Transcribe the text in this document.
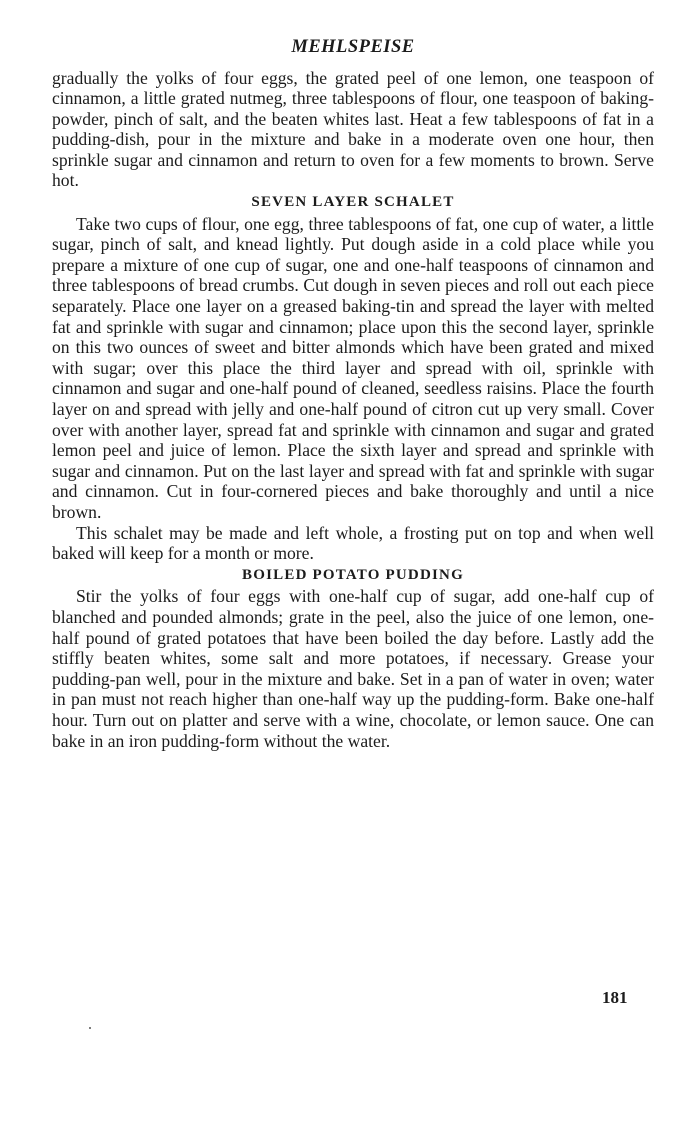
MEHLSPEISE

gradually the yolks of four eggs, the grated peel of one lemon, one teaspoon of cinnamon, a little grated nutmeg, three tablespoons of flour, one teaspoon of baking-powder, pinch of salt, and the beaten whites last. Heat a few tablespoons of fat in a pudding-dish, pour in the mixture and bake in a moderate oven one hour, then sprinkle sugar and cinnamon and return to oven for a few moments to brown. Serve hot.

SEVEN LAYER SCHALET

Take two cups of flour, one egg, three tablespoons of fat, one cup of water, a little sugar, pinch of salt, and knead lightly. Put dough aside in a cold place while you prepare a mixture of one cup of sugar, one and one-half teaspoons of cinnamon and three tablespoons of bread crumbs. Cut dough in seven pieces and roll out each piece separately. Place one layer on a greased baking-tin and spread the layer with melted fat and sprinkle with sugar and cinnamon; place upon this the second layer, sprinkle on this two ounces of sweet and bitter almonds which have been grated and mixed with sugar; over this place the third layer and spread with oil, sprinkle with cinnamon and sugar and one-half pound of cleaned, seedless raisins. Place the fourth layer on and spread with jelly and one-half pound of citron cut up very small. Cover over with another layer, spread fat and sprinkle with cinnamon and sugar and grated lemon peel and juice of lemon. Place the sixth layer and spread and sprinkle with sugar and cinnamon. Put on the last layer and spread with fat and sprinkle with sugar and cinnamon. Cut in four-cornered pieces and bake thoroughly and until a nice brown.

This schalet may be made and left whole, a frosting put on top and when well baked will keep for a month or more.

BOILED POTATO PUDDING

Stir the yolks of four eggs with one-half cup of sugar, add one-half cup of blanched and pounded almonds; grate in the peel, also the juice of one lemon, one-half pound of grated potatoes that have been boiled the day before. Lastly add the stiffly beaten whites, some salt and more potatoes, if necessary. Grease your pudding-pan well, pour in the mixture and bake. Set in a pan of water in oven; water in pan must not reach higher than one-half way up the pudding-form. Bake one-half hour. Turn out on platter and serve with a wine, chocolate, or lemon sauce. One can bake in an iron pudding-form without the water.

181
